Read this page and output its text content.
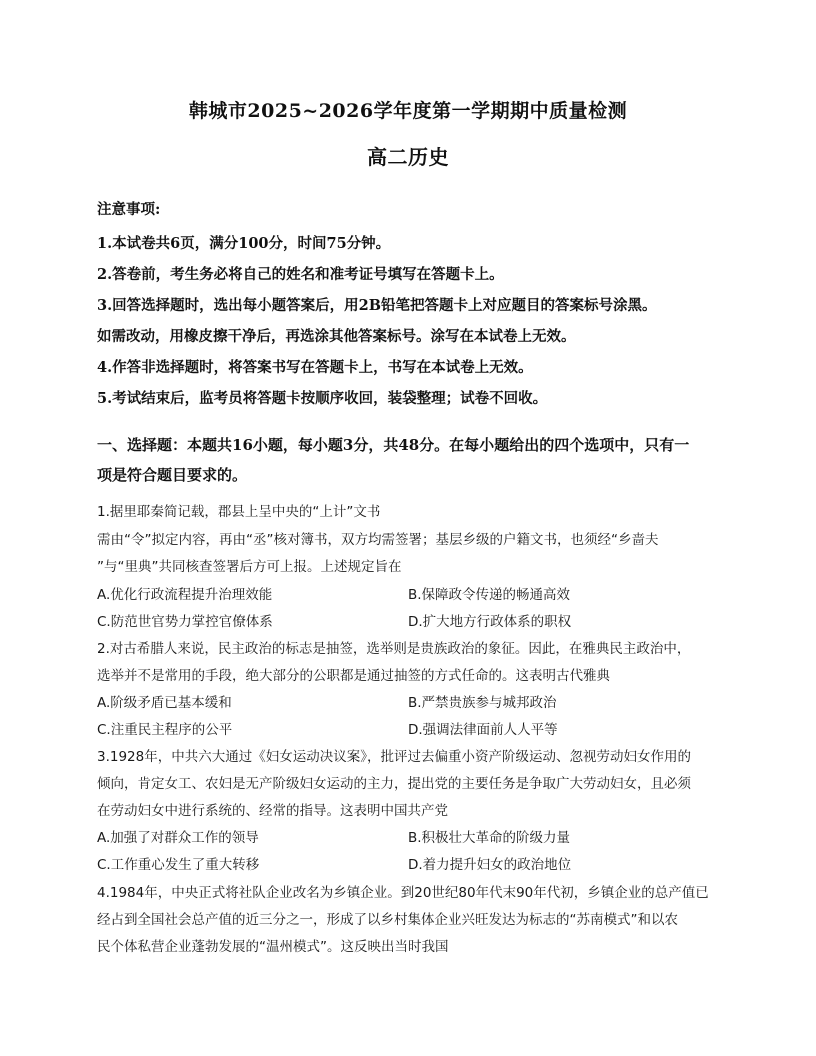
韩城市2025~2026学年度第一学期期中质量检测
高二历史
注意事项:
1.本试卷共6页，满分100分，时间75分钟。
2.答卷前，考生务必将自己的姓名和准考证号填写在答题卡上。
3.回答选择题时，选出每小题答案后，用2B铅笔把答题卡上对应题目的答案标号涂黑。
如需改动，用橡皮擦干净后，再选涂其他答案标号。涂写在本试卷上无效。
4.作答非选择题时，将答案书写在答题卡上，书写在本试卷上无效。
5.考试结束后，监考员将答题卡按顺序收回，装袋整理；试卷不回收。
一、选择题：本题共16小题，每小题3分，共48分。在每小题给出的四个选项中，只有一
项是符合题目要求的。
1.据里耶秦简记载，郡县上呈中央的“上计”文书
需由“令”拟定内容，再由“丞”核对簿书，双方均需签署；基层乡级的户籍文书，也须经“乡啬夫
”与“里典”共同核查签署后方可上报。上述规定旨在
A.优化行政流程提升治理效能	B.保障政令传递的畅通高效
C.防范世官势力掌控官僚体系	D.扩大地方行政体系的职权
2.对古希腊人来说，民主政治的标志是抽签，选举则是贵族政治的象征。因此，在雅典民主政治中，
选举并不是常用的手段，绝大部分的公职都是通过抽签的方式任命的。这表明古代雅典
A.阶级矛盾已基本缓和	B.严禁贵族参与城邦政治
C.注重民主程序的公平	D.强调法律面前人人平等
3.1928年，中共六大通过《妇女运动决议案》，批评过去偏重小资产阶级运动、忽视劳动妇女作用的
倾向，肯定女工、农妇是无产阶级妇女运动的主力，提出党的主要任务是争取广大劳动妇女，且必须
在劳动妇女中进行系统的、经常的指导。这表明中国共产党
A.加强了对群众工作的领导	B.积极壮大革命的阶级力量
C.工作重心发生了重大转移	D.着力提升妇女的政治地位
4.1984年，中央正式将社队企业改名为乡镇企业。到20世纪80年代末90年代初，乡镇企业的总产值已
经占到全国社会总产值的近三分之一，形成了以乡村集体企业兴旺发达为标志的“苏南模式”和以农
民个体私营企业蓬勃发展的“温州模式”。这反映出当时我国
